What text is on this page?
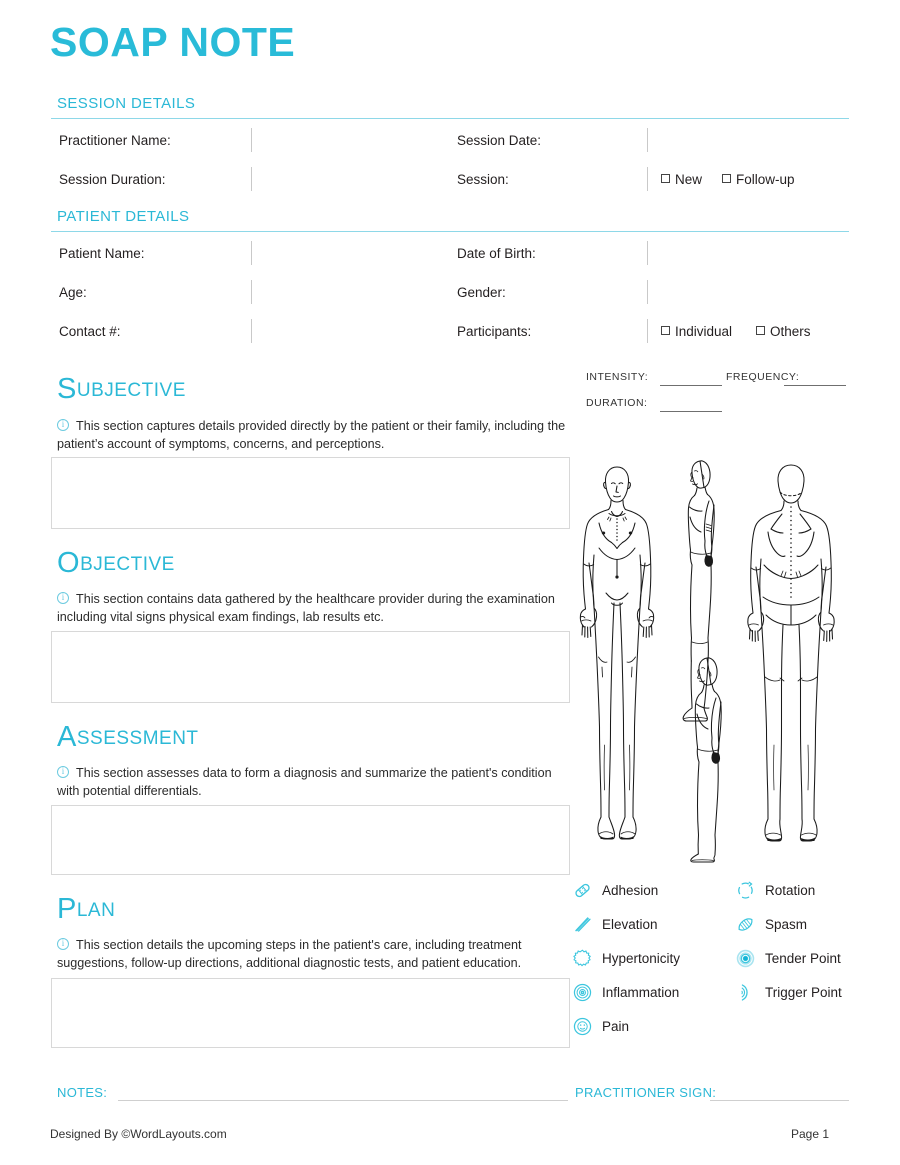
SOAP NOTE
SESSION DETAILS
Practitioner Name:	Session Date:
Session Duration:	Session:	New	Follow-up
PATIENT DETAILS
Patient Name:	Date of Birth:
Age:	Gender:
Contact #:	Participants:	Individual	Others
INTENSITY:	FREQUENCY:
DURATION:
SUBJECTIVE
iThis section captures details provided directly by the patient or their family, including the patient’s account of symptoms, concerns, and perceptions.
OBJECTIVE
iThis section contains data gathered by the healthcare provider during the examination including vital signs physical exam findings, lab results etc.
ASSESSMENT
iThis section assesses data to form a diagnosis and summarize the patient's condition with potential differentials.
PLAN
iThis section details the upcoming steps in the patient's care, including treatment suggestions, follow-up directions, additional diagnostic tests, and patient education.
Adhesion
Elevation
Hypertonicity
Inflammation
Pain
Rotation
Spasm
Tender Point
Trigger Point
NOTES:	PRACTITIONER SIGN:
Designed By ©WordLayouts.com	Page 1
